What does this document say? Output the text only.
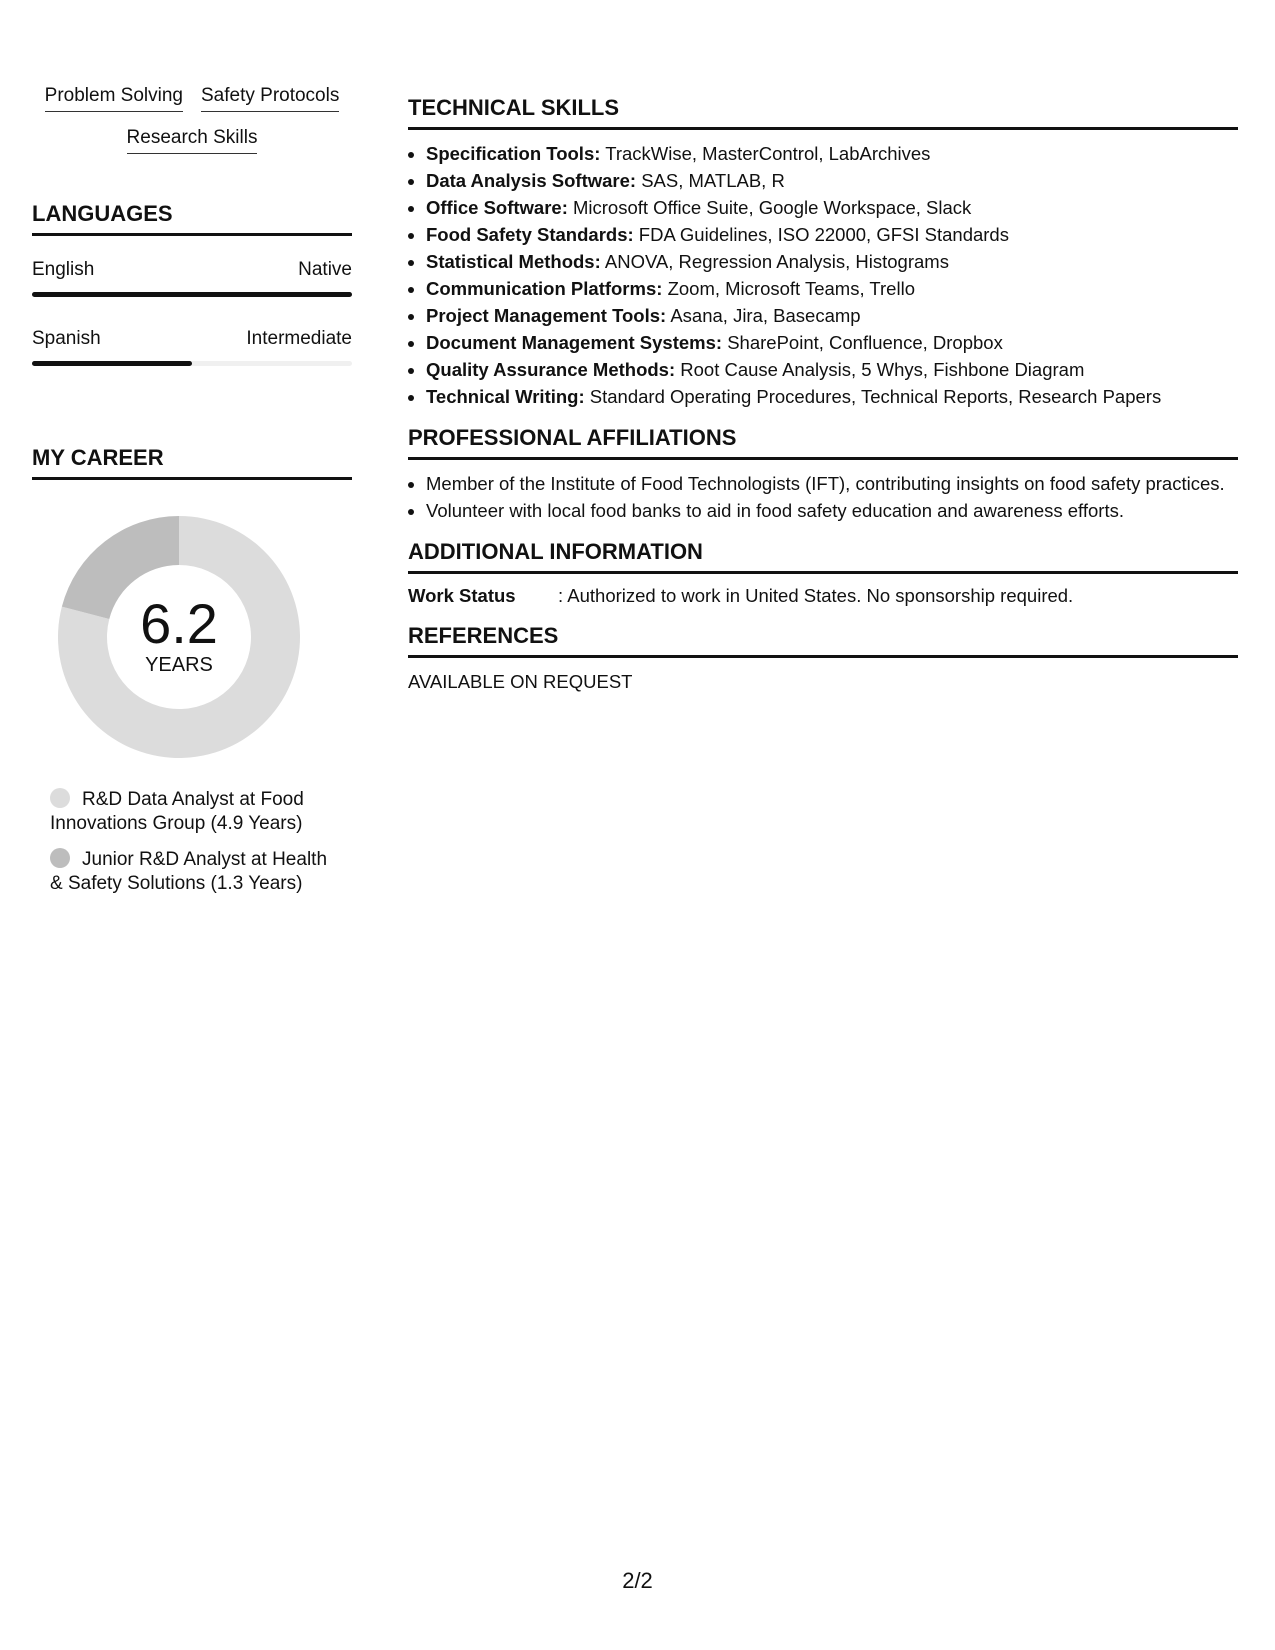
Problem Solving Safety Protocols
Research Skills
LANGUAGES
English	Native
Spanish	Intermediate
MY CAREER
6.2
YEARS
R&D Data Analyst at Food Innovations Group (4.9 Years)
Junior R&D Analyst at Health & Safety Solutions (1.3 Years)
TECHNICAL SKILLS
• Specification Tools: TrackWise, MasterControl, LabArchives
• Data Analysis Software: SAS, MATLAB, R
• Office Software: Microsoft Office Suite, Google Workspace, Slack
• Food Safety Standards: FDA Guidelines, ISO 22000, GFSI Standards
• Statistical Methods: ANOVA, Regression Analysis, Histograms
• Communication Platforms: Zoom, Microsoft Teams, Trello
• Project Management Tools: Asana, Jira, Basecamp
• Document Management Systems: SharePoint, Confluence, Dropbox
• Quality Assurance Methods: Root Cause Analysis, 5 Whys, Fishbone Diagram
• Technical Writing: Standard Operating Procedures, Technical Reports, Research Papers
PROFESSIONAL AFFILIATIONS
• Member of the Institute of Food Technologists (IFT), contributing insights on food safety practices.
• Volunteer with local food banks to aid in food safety education and awareness efforts.
ADDITIONAL INFORMATION
Work Status	: Authorized to work in United States. No sponsorship required.
REFERENCES
AVAILABLE ON REQUEST
2/2
